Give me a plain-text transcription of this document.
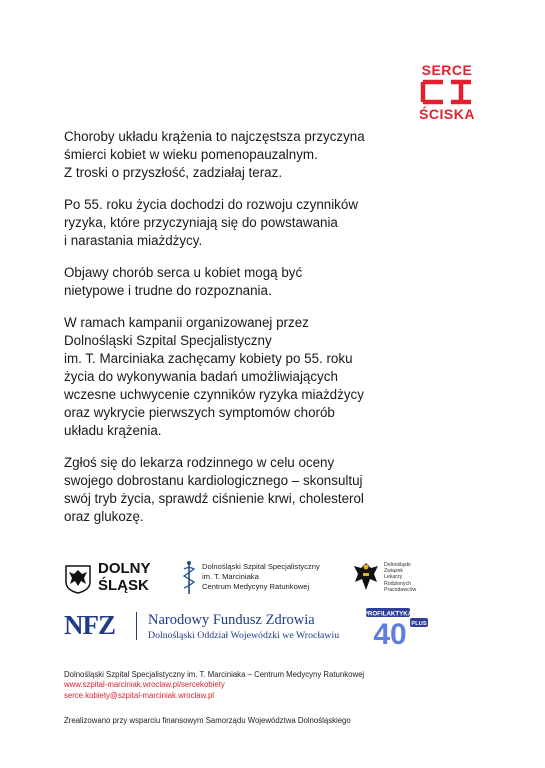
SERCE
ŚCISKA

Choroby układu krążenia to najczęstsza przyczyna
śmierci kobiet w wieku pomenopauzalnym.
Z troski o przyszłość, zadziałaj teraz.

Po 55. roku życia dochodzi do rozwoju czynników
ryzyka, które przyczyniają się do powstawania
i narastania miażdżycy.

Objawy chorób serca u kobiet mogą być
nietypowe i trudne do rozpoznania.

W ramach kampanii organizowanej przez
Dolnośląski Szpital Specjalistyczny
im. T. Marciniaka zachęcamy kobiety po 55. roku
życia do wykonywania badań umożliwiających
wczesne uchwycenie czynników ryzyka miażdżycy
oraz wykrycie pierwszych symptomów chorób
układu krążenia.

Zgłoś się do lekarza rodzinnego w celu oceny
swojego dobrostanu kardiologicznego – skonsultuj
swój tryb życia, sprawdź ciśnienie krwi, cholesterol
oraz glukozę.

DOLNY
ŚLĄSK
Dolnośląski Szpital Specjalistyczny
im. T. Marciniaka
Centrum Medycyny Ratunkowej
Dolnośląski
Związek
Lekarzy
Rodzinnych
Pracodawców
NFZ Narodowy Fundusz Zdrowia
Dolnośląski Oddział Wojewódzki we Wrocławiu
PROFILAKTYKA
40 PLUS
Dolnośląski Szpital Specjalistyczny im. T. Marciniaka – Centrum Medycyny Ratunkowej
www.szpital-marciniak.wroclaw.pl/sercekobiety
serce.kobiety@szpital-marciniak.wroclaw.pl
Zrealizowano przy wsparciu finansowym Samorządu Województwa Dolnośląskiego
